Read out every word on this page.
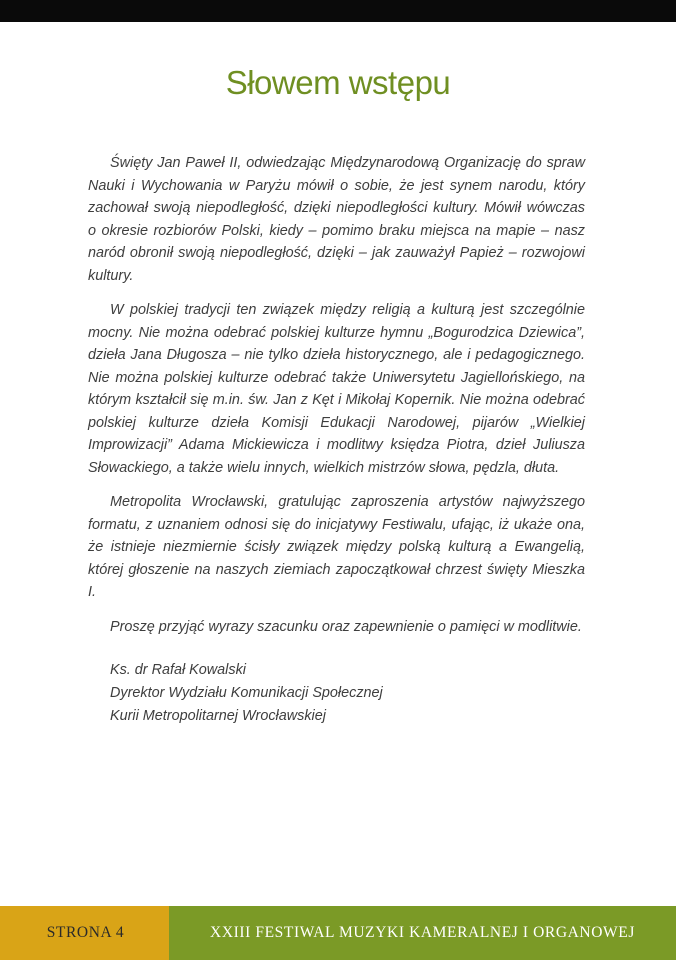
Słowem wstępu

Święty Jan Paweł II, odwiedzając Międzynarodową Organizację do spraw Nauki i Wychowania w Paryżu mówił o sobie, że jest synem narodu, który zachował swoją niepodległość, dzięki niepodległości kultury. Mówił wówczas o okresie rozbiorów Polski, kiedy – pomimo braku miejsca na mapie – nasz naród obronił swoją niepodległość, dzięki – jak zauważył Papież – rozwojowi kultury.

W polskiej tradycji ten związek między religią a kulturą jest szczególnie mocny. Nie można odebrać polskiej kulturze hymnu „Bogurodzica Dziewica”, dzieła Jana Długosza – nie tylko dzieła historycznego, ale i pedagogicznego. Nie można polskiej kulturze odebrać także Uniwersytetu Jagiellońskiego, na którym kształcił się m.in. św. Jan z Kęt i Mikołaj Kopernik. Nie można odebrać polskiej kulturze dzieła Komisji Edukacji Narodowej, pijarów „Wielkiej Improwizacji” Adama Mickiewicza i modlitwy księdza Piotra, dzieł Juliusza Słowackiego, a także wielu innych, wielkich mistrzów słowa, pędzla, dłuta.

Metropolita Wrocławski, gratulując zaproszenia artystów najwyższego formatu, z uznaniem odnosi się do inicjatywy Festiwalu, ufając, iż ukaże ona, że istnieje niezmiernie ścisły związek między polską kulturą a Ewangelią, której głoszenie na naszych ziemiach zapoczątkował chrzest święty Mieszka I.

Proszę przyjąć wyrazy szacunku oraz zapewnienie o pamięci w modlitwie.

Ks. dr Rafał Kowalski
Dyrektor Wydziału Komunikacji Społecznej
Kurii Metropolitarnej Wrocławskiej
STRONA 4	XXIII FESTIWAL MUZYKI KAMERALNEJ I ORGANOWEJ
